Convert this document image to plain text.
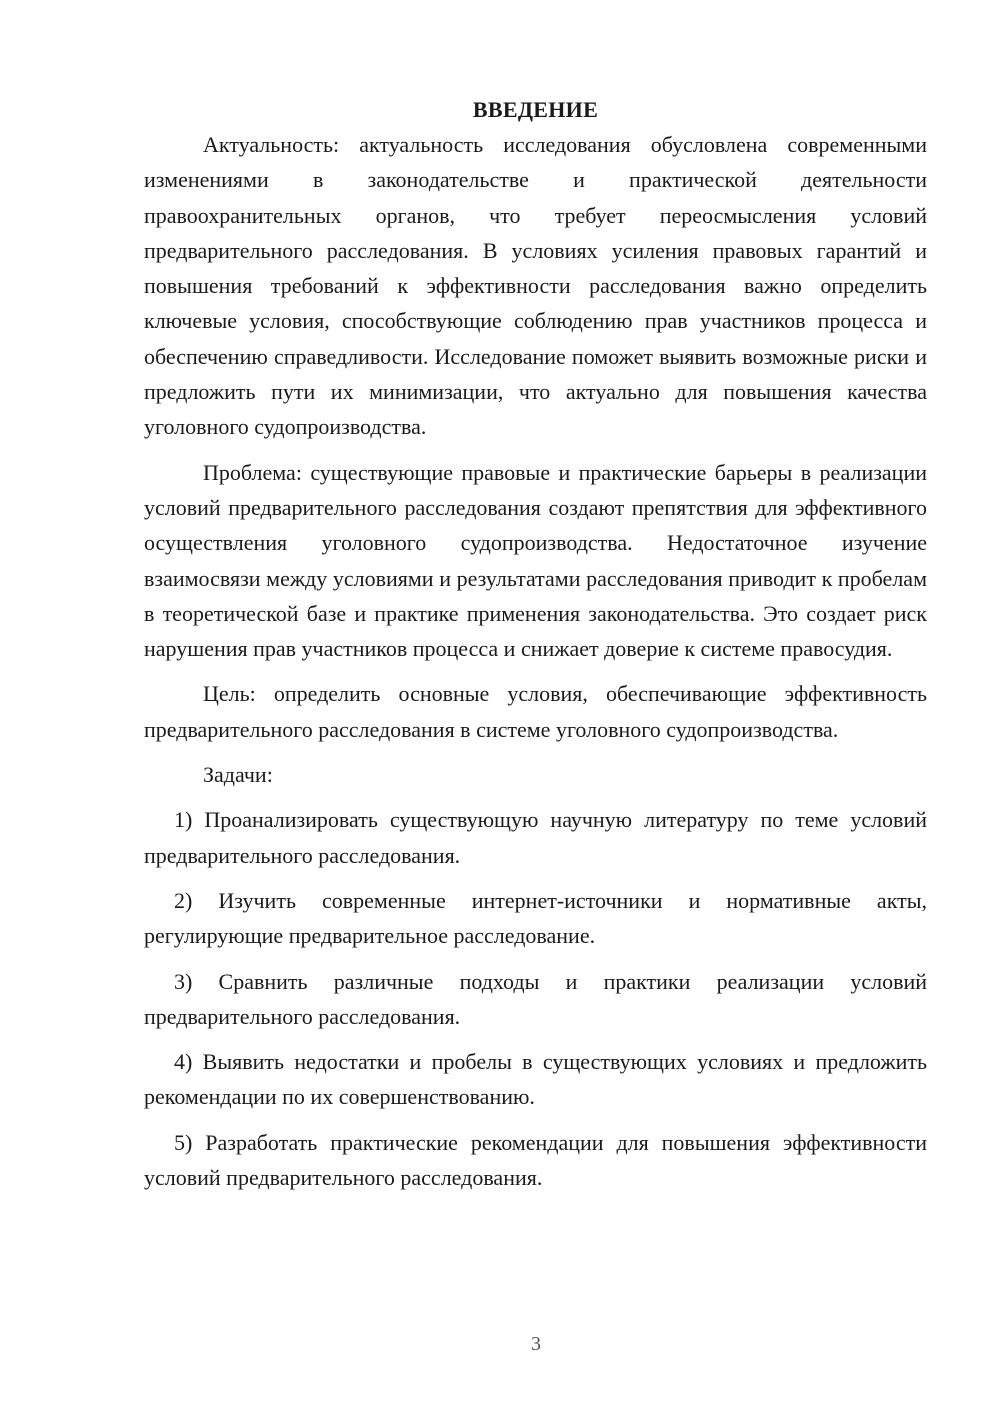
ВВЕДЕНИЕ

Актуальность: актуальность исследования обусловлена современными изменениями в законодательстве и практической деятельности правоохранительных органов, что требует переосмысления условий предварительного расследования. В условиях усиления правовых гарантий и повышения требований к эффективности расследования важно определить ключевые условия, способствующие соблюдению прав участников процесса и обеспечению справедливости. Исследование поможет выявить возможные риски и предложить пути их минимизации, что актуально для повышения качества уголовного судопроизводства.

Проблема: существующие правовые и практические барьеры в реализации условий предварительного расследования создают препятствия для эффективного осуществления уголовного судопроизводства. Недостаточное изучение взаимосвязи между условиями и результатами расследования приводит к пробелам в теоретической базе и практике применения законодательства. Это создает риск нарушения прав участников процесса и снижает доверие к системе правосудия.

Цель: определить основные условия, обеспечивающие эффективность предварительного расследования в системе уголовного судопроизводства.

Задачи:

1) Проанализировать существующую научную литературу по теме условий предварительного расследования.

2) Изучить современные интернет-источники и нормативные акты, регулирующие предварительное расследование.

3) Сравнить различные подходы и практики реализации условий предварительного расследования.

4) Выявить недостатки и пробелы в существующих условиях и предложить рекомендации по их совершенствованию.

5) Разработать практические рекомендации для повышения эффективности условий предварительного расследования.

3
